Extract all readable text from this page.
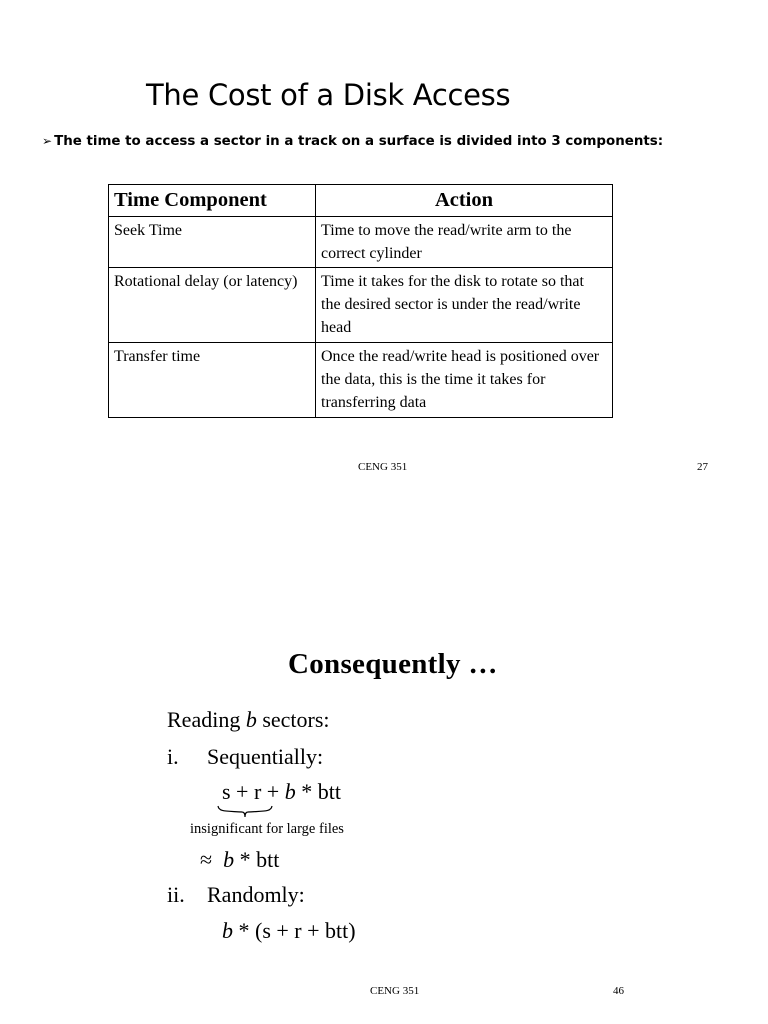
The Cost of a Disk Access

➢ The time to access a sector in a track on a surface is divided into 3 components:

Time Component	Action
Seek Time	Time to move the read/write arm to the correct cylinder
Rotational delay (or latency)	Time it takes for the disk to rotate so that the desired sector is under the read/write head
Transfer time	Once the read/write head is positioned over the data, this is the time it takes for transferring data
CENG 351	27
Consequently …

Reading b sectors:

i. Sequentially:

s + r + b * btt

insignificant for large files

≈ b * btt

ii. Randomly:

b * (s + r + btt)

CENG 351	46
